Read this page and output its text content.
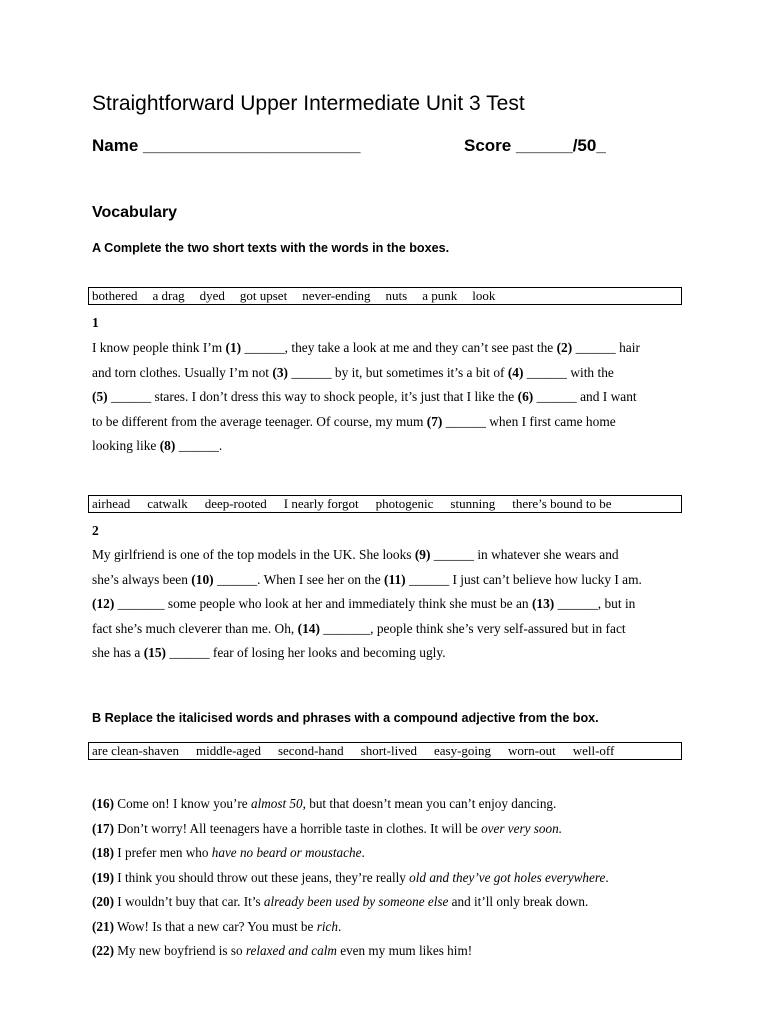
Straightforward Upper Intermediate Unit 3 Test
Name _______________________	Score ______/50_
Vocabulary
A Complete the two short texts with the words in the boxes.
bothered a drag dyed got upset never-ending nuts a punk look
1
I know people think I’m (1) ______, they take a look at me and they can’t see past the (2) ______ hair
and torn clothes. Usually I’m not (3) ______ by it, but sometimes it’s a bit of (4) ______ with the
(5) ______ stares. I don’t dress this way to shock people, it’s just that I like the (6) ______ and I want
to be different from the average teenager. Of course, my mum (7) ______ when I first came home
looking like (8) ______.
airhead catwalk deep-rooted I nearly forgot photogenic stunning there’s bound to be
2
My girlfriend is one of the top models in the UK. She looks (9) ______ in whatever she wears and
she’s always been (10) ______. When I see her on the (11) ______ I just can’t believe how lucky I am.
(12) _______ some people who look at her and immediately think she must be an (13) ______, but in
fact she’s much cleverer than me. Oh, (14) _______, people think she’s very self-assured but in fact
she has a (15) ______ fear of losing her looks and becoming ugly.
B Replace the italicised words and phrases with a compound adjective from the box.
are clean-shaven middle-aged second-hand short-lived easy-going worn-out well-off
(16) Come on! I know you’re almost 50, but that doesn’t mean you can’t enjoy dancing.
(17) Don’t worry! All teenagers have a horrible taste in clothes. It will be over very soon.
(18) I prefer men who have no beard or moustache.
(19) I think you should throw out these jeans, they’re really old and they’ve got holes everywhere.
(20) I wouldn’t buy that car. It’s already been used by someone else and it’ll only break down.
(21) Wow! Is that a new car? You must be rich.
(22) My new boyfriend is so relaxed and calm even my mum likes him!
